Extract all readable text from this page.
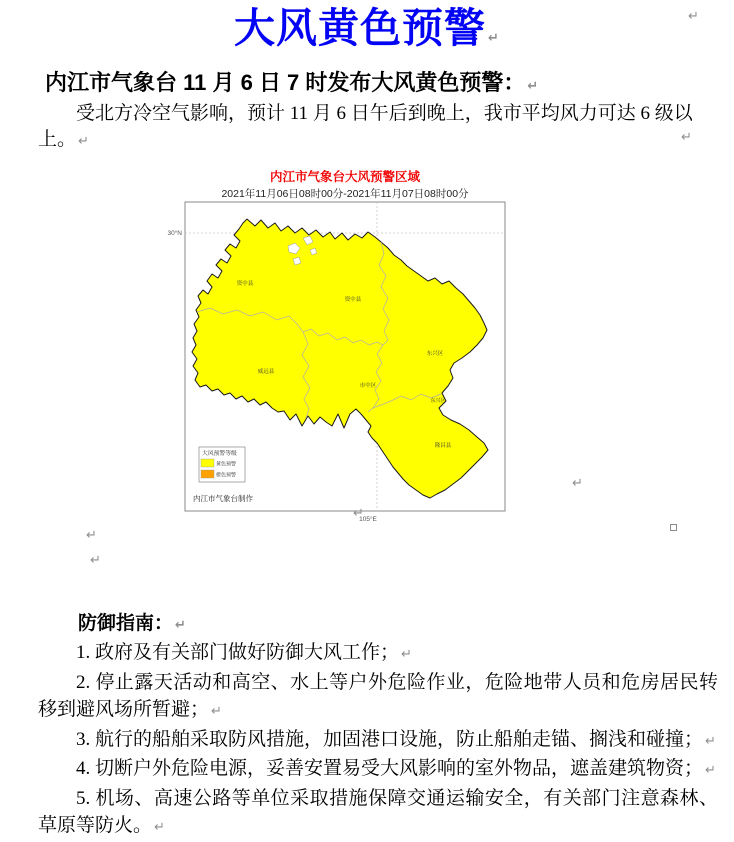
大风黄色预警 ↵
内江市气象台 11 月 6 日 7 时发布大风黄色预警： ↵

受北方冷空气影响，预计 11 月 6 日午后到晚上，我市平均风力可达 6 级以上。 ↵

内江市气象台大风预警区域
2021年11月06日08时00分-2021年11月07日08时00分
30°N
105°E
资中县
资中县
威远县
市中区
东兴区
东兴区
隆昌县
大风预警等级
黄色预警
橙色预警
内江市气象台制作
防御指南： ↵

1. 政府及有关部门做好防御大风工作； ↵

2. 停止露天活动和高空、水上等户外危险作业，危险地带人员和危房居民转移到避风场所暂避； ↵

3. 航行的船舶采取防风措施，加固港口设施，防止船舶走锚、搁浅和碰撞； ↵

4. 切断户外危险电源，妥善安置易受大风影响的室外物品，遮盖建筑物资； ↵

5. 机场、高速公路等单位采取措施保障交通运输安全，有关部门注意森林、草原等防火。 ↵

↵
↵
↵
↵
↵
↵
